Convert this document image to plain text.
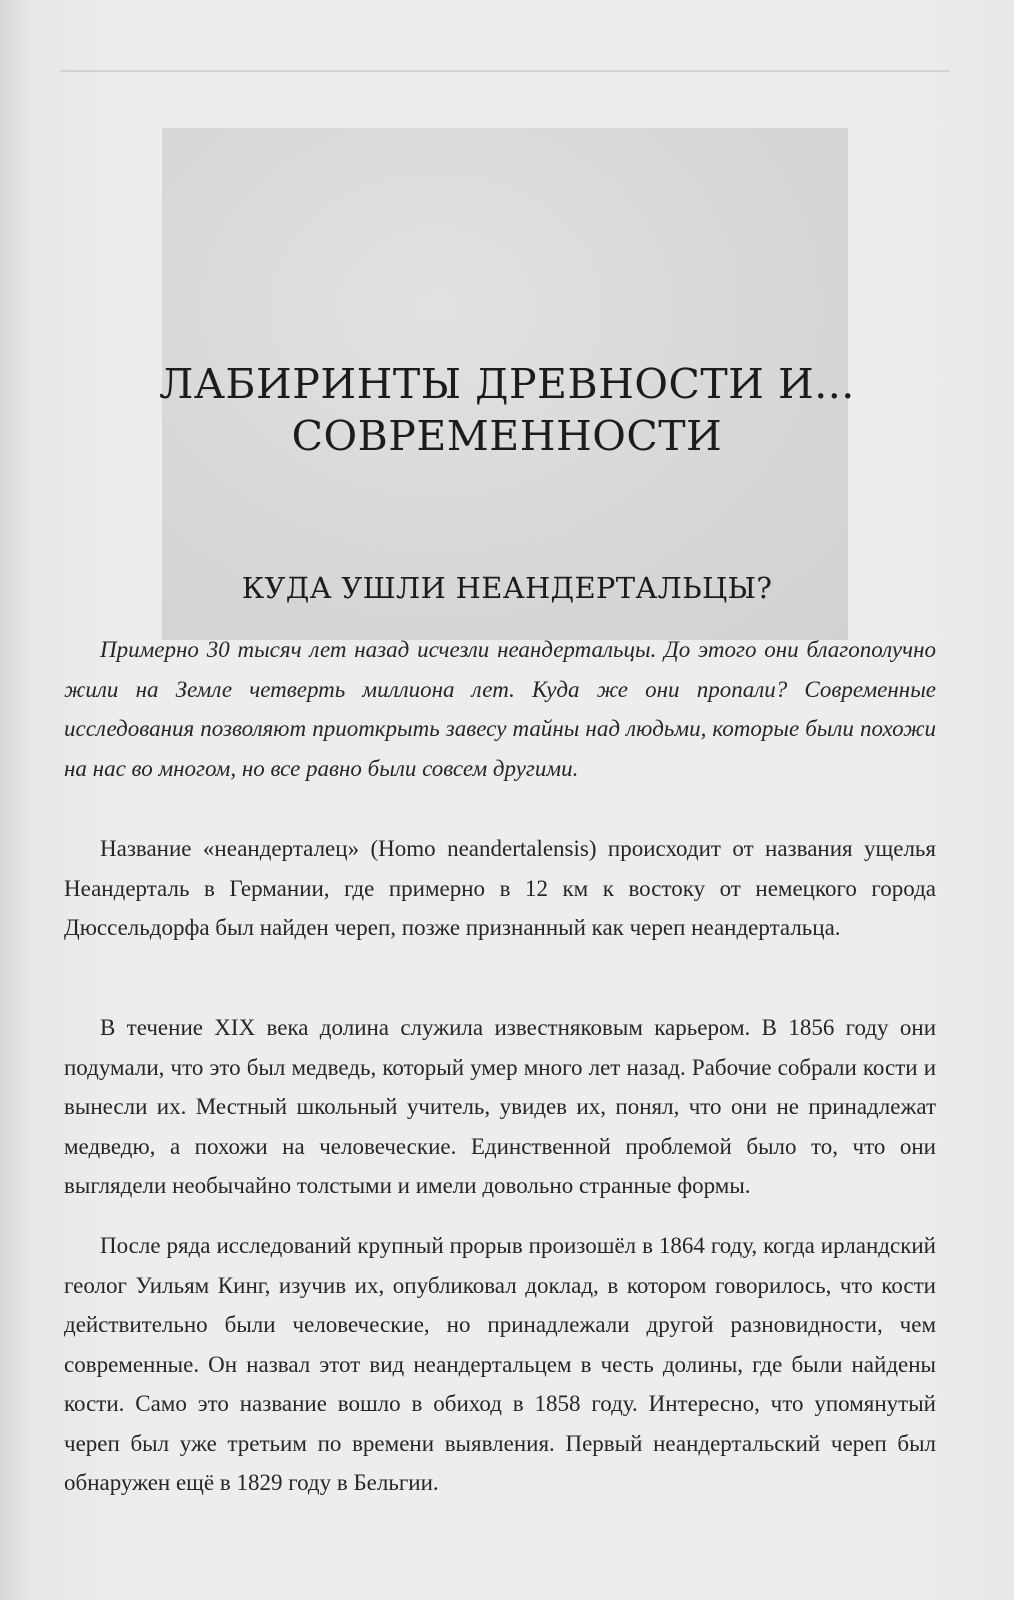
ЛАБИРИНТЫ ДРЕВНОСТИ И...
СОВРЕМЕННОСТИ
КУДА УШЛИ НЕАНДЕРТАЛЬЦЫ?

Примерно 30 тысяч лет назад исчезли неандертальцы. До этого они благополучно жили на Земле четверть миллиона лет. Куда же они пропали? Современные исследования позволяют приоткрыть завесу тайны над людьми, которые были похожи на нас во многом, но все равно были совсем другими.

Название «неандерталец» (Homo neandertalensis) происходит от названия ущелья Неандерталь в Германии, где примерно в 12 км к востоку от немецкого города Дюссельдорфа был найден череп, позже признанный как череп неандертальца.

В течение XIX века долина служила известняковым карьером. В 1856 году они подумали, что это был медведь, который умер много лет назад. Рабочие собрали кости и вынесли их. Местный школьный учитель, увидев их, понял, что они не принадлежат медведю, а похожи на человеческие. Единственной проблемой было то, что они выглядели необычайно толстыми и имели довольно странные формы.

После ряда исследований крупный прорыв произошёл в 1864 году, когда ирландский геолог Уильям Кинг, изучив их, опубликовал доклад, в котором говорилось, что кости действительно были человеческие, но принадлежали другой разновидности, чем современные. Он назвал этот вид неандертальцем в честь долины, где были найдены кости. Само это название вошло в обиход в 1858 году. Интересно, что упомянутый череп был уже третьим по времени выявления. Первый неандертальский череп был обнаружен ещё в 1829 году в Бельгии.
